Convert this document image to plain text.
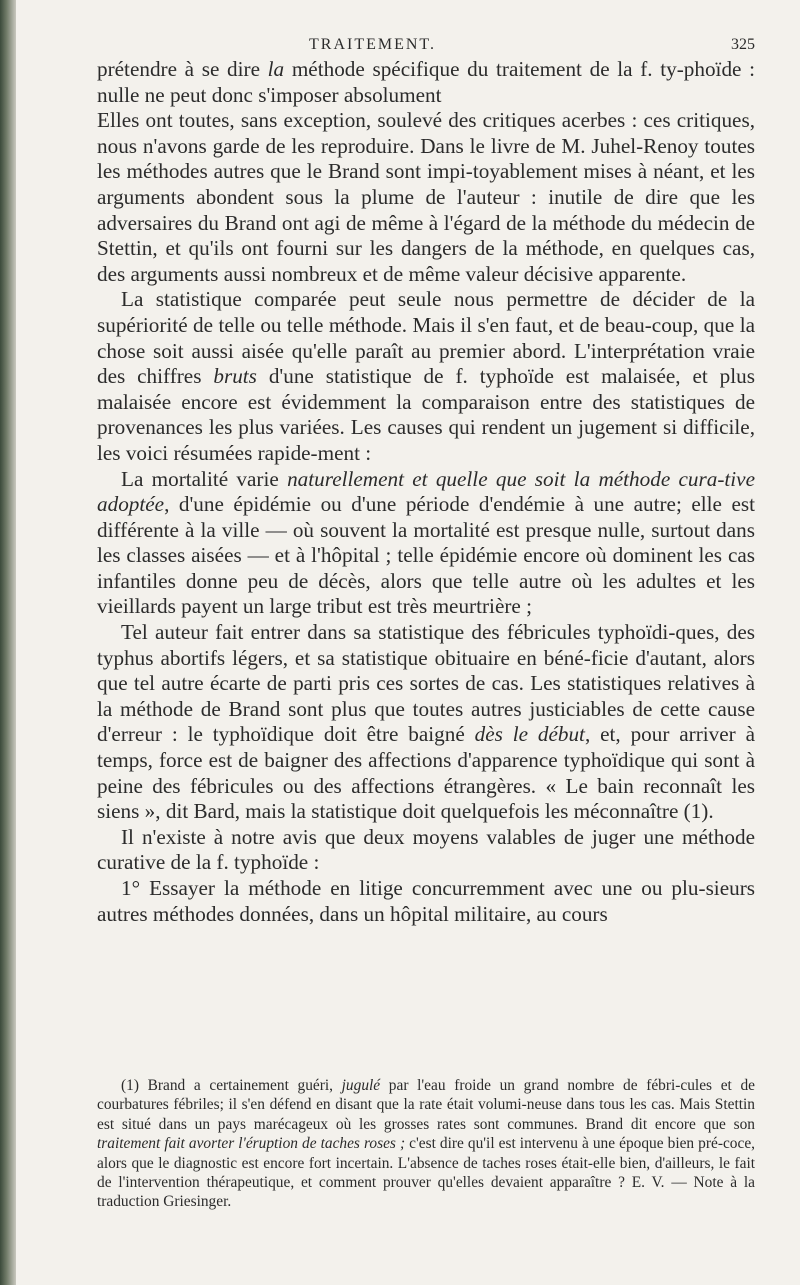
TRAITEMENT.	325

prétendre à se dire la méthode spécifique du traitement de la f. ty-phoïde : nulle ne peut donc s'imposer absolument

Elles ont toutes, sans exception, soulevé des critiques acerbes : ces critiques, nous n'avons garde de les reproduire. Dans le livre de M. Juhel-Renoy toutes les méthodes autres que le Brand sont impi-toyablement mises à néant, et les arguments abondent sous la plume de l'auteur : inutile de dire que les adversaires du Brand ont agi de même à l'égard de la méthode du médecin de Stettin, et qu'ils ont fourni sur les dangers de la méthode, en quelques cas, des arguments aussi nombreux et de même valeur décisive apparente.

La statistique comparée peut seule nous permettre de décider de la supériorité de telle ou telle méthode. Mais il s'en faut, et de beau-coup, que la chose soit aussi aisée qu'elle paraît au premier abord. L'interprétation vraie des chiffres bruts d'une statistique de f. typhoïde est malaisée, et plus malaisée encore est évidemment la comparaison entre des statistiques de provenances les plus variées. Les causes qui rendent un jugement si difficile, les voici résumées rapide-ment :

La mortalité varie naturellement et quelle que soit la méthode cura-tive adoptée, d'une épidémie ou d'une période d'endémie à une autre; elle est différente à la ville — où souvent la mortalité est presque nulle, surtout dans les classes aisées — et à l'hôpital ; telle épidémie encore où dominent les cas infantiles donne peu de décès, alors que telle autre où les adultes et les vieillards payent un large tribut est très meurtrière ;

Tel auteur fait entrer dans sa statistique des fébricules typhoïdi-ques, des typhus abortifs légers, et sa statistique obituaire en béné-ficie d'autant, alors que tel autre écarte de parti pris ces sortes de cas. Les statistiques relatives à la méthode de Brand sont plus que toutes autres justiciables de cette cause d'erreur : le typhoïdique doit être baigné dès le début, et, pour arriver à temps, force est de baigner des affections d'apparence typhoïdique qui sont à peine des fébricules ou des affections étrangères. « Le bain reconnaît les siens », dit Bard, mais la statistique doit quelquefois les méconnaître (1).

Il n'existe à notre avis que deux moyens valables de juger une méthode curative de la f. typhoïde :

1° Essayer la méthode en litige concurremment avec une ou plu-sieurs autres méthodes données, dans un hôpital militaire, au cours

(1) Brand a certainement guéri, jugulé par l'eau froide un grand nombre de fébri-cules et de courbatures fébriles; il s'en défend en disant que la rate était volumi-neuse dans tous les cas. Mais Stettin est situé dans un pays marécageux où les grosses rates sont communes. Brand dit encore que son traitement fait avorter l'éruption de taches roses ; c'est dire qu'il est intervenu à une époque bien pré-coce, alors que le diagnostic est encore fort incertain. L'absence de taches roses était-elle bien, d'ailleurs, le fait de l'intervention thérapeutique, et comment prouver qu'elles devaient apparaître ? E. V. — Note à la traduction Griesinger.
